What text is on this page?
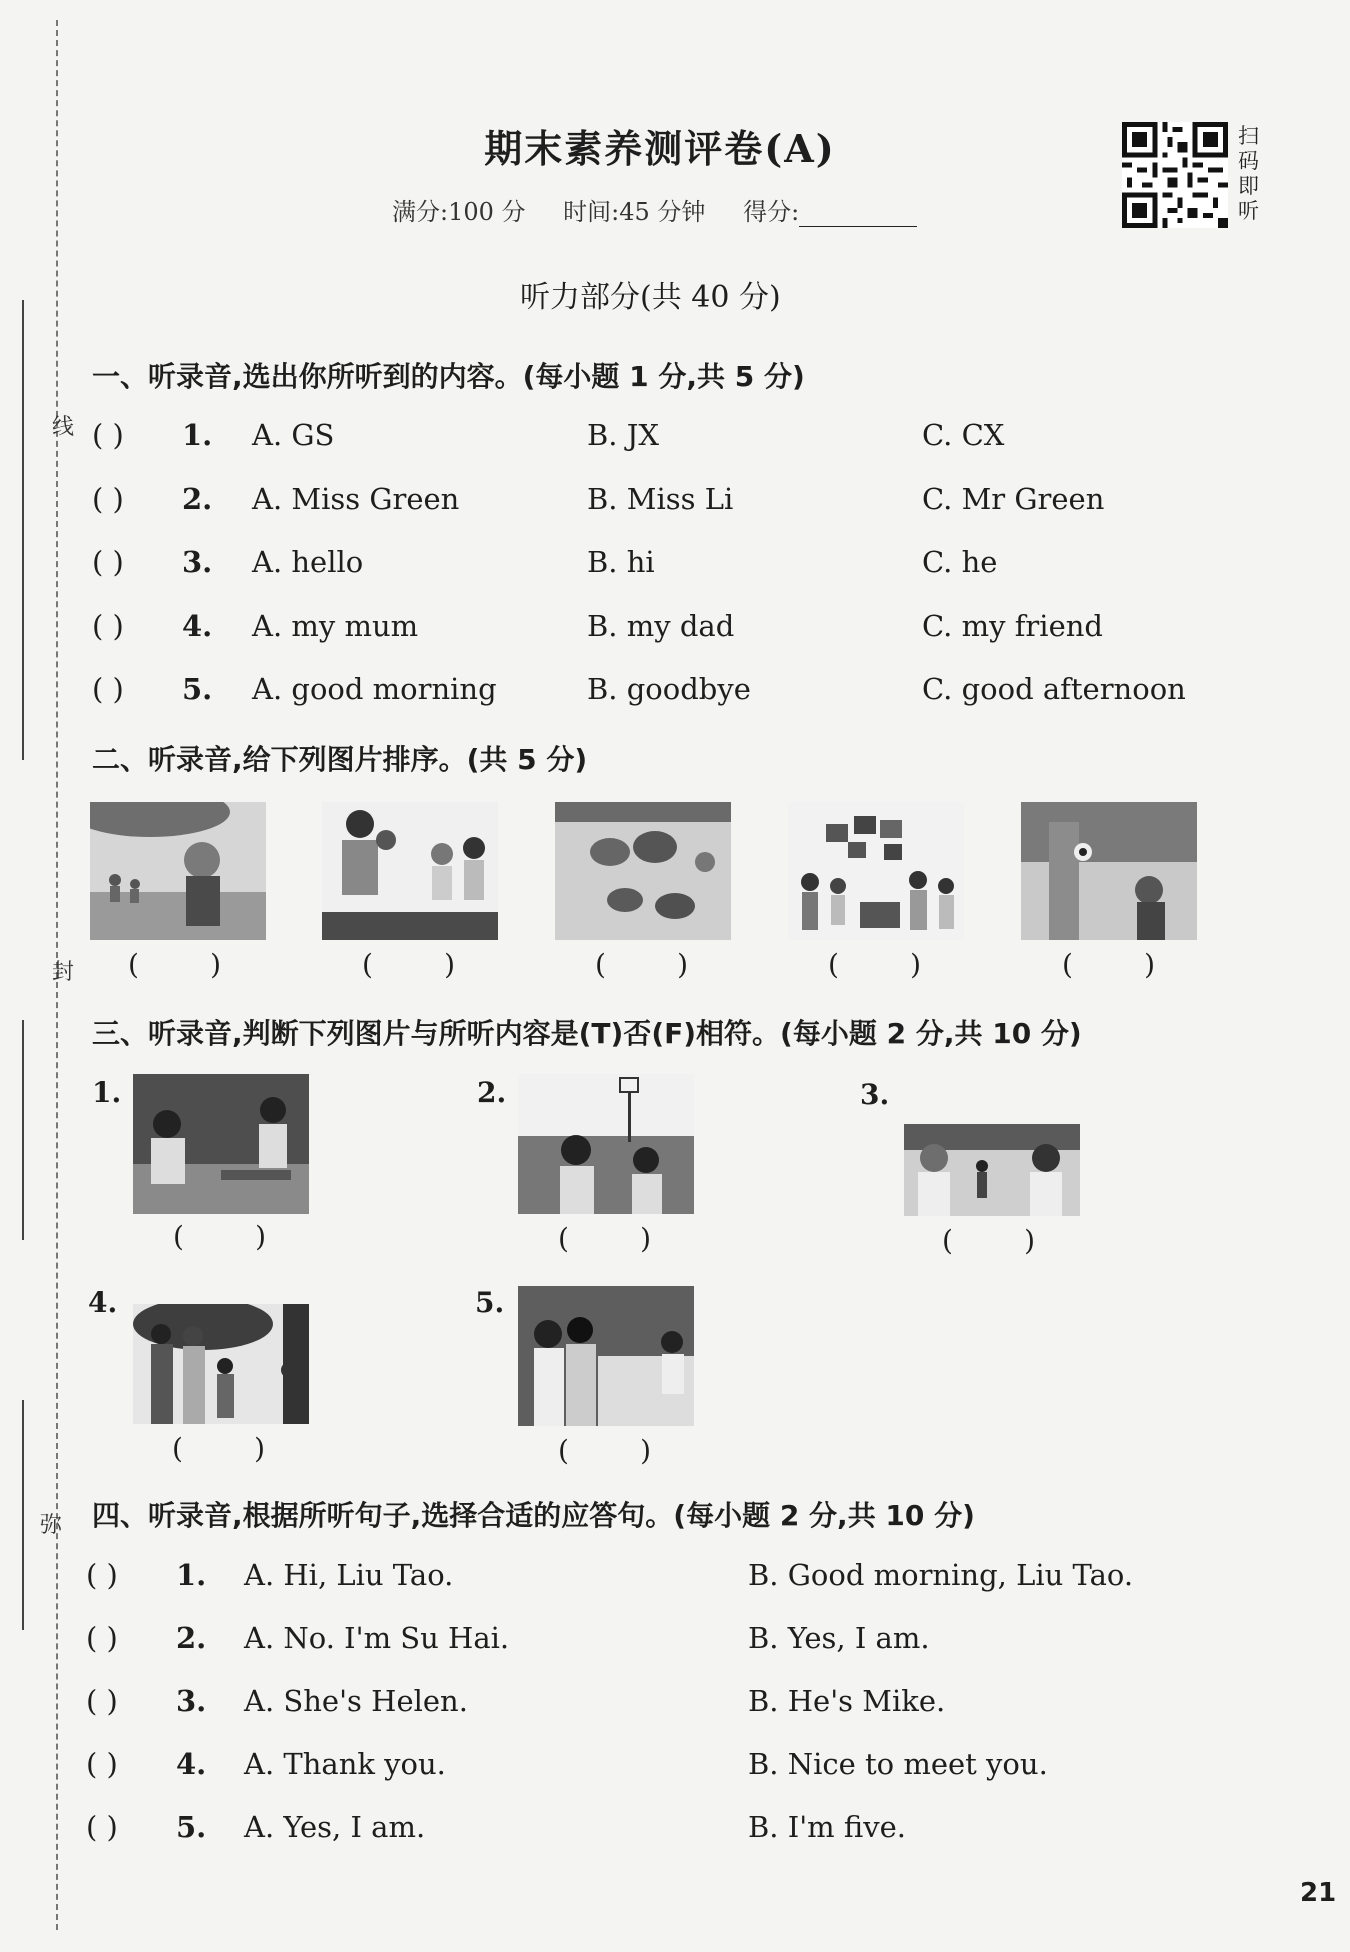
线
封
弥
期末素养测评卷(A)
满分:100 分 时间:45 分钟 得分:
扫
码
即
听
听力部分(共 40 分)
一、听录音,选出你所听到的内容。(每小题 1 分,共 5 分)
( ) 1. A. GS	B. JX	C. CX
( ) 2. A. Miss Green	B. Miss Li	C. Mr Green
( ) 3. A. hello	B. hi	C. he
( ) 4. A. my mum	B. my dad	C. my friend
( ) 5. A. good morning	B. goodbye	C. good afternoon
二、听录音,给下列图片排序。(共 5 分)
(        )	(        )	(        )	(        )	(        )
三、听录音,判断下列图片与所听内容是(T)否(F)相符。(每小题 2 分,共 10 分)
1.
(        )
2.
(        )
3.
(        )
4.
(        )
5.
(        )
四、听录音,根据所听句子,选择合适的应答句。(每小题 2 分,共 10 分)
( ) 1. A. Hi, Liu Tao.	B. Good morning, Liu Tao.
( ) 2. A. No. I'm Su Hai.	B. Yes, I am.
( ) 3. A. She's Helen.	B. He's Mike.
( ) 4. A. Thank you.	B. Nice to meet you.
( ) 5. A. Yes, I am.	B. I'm five.
21
